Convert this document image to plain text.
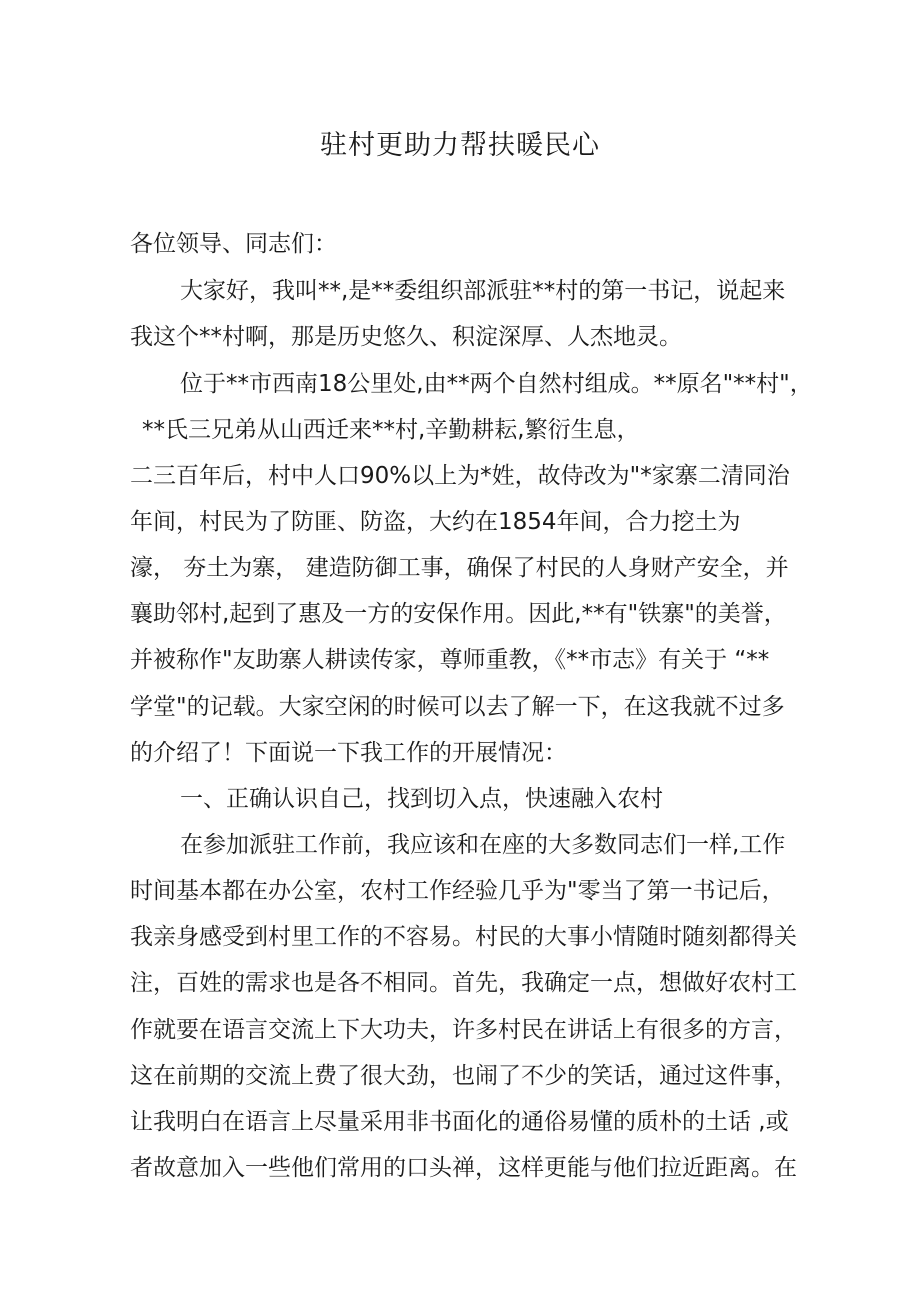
驻村更助力帮扶暖民心

各位领导、同志们：

大家好，我叫**,是**委组织部派驻**村的第一书记，说起来

我这个**村啊，那是历史悠久、积淀深厚、人杰地灵。

位于**市西南18公里处,由**两个自然村组成。**原名"**村"，

**氏三兄弟从山西迁来**村,辛勤耕耘,繁衍生息，

二三百年后，村中人口90%以上为*姓，故侍改为"*家寨二清同治

年间，村民为了防匪、防盗，大约在1854年间，合力挖土为

濠， 夯土为寨， 建造防御工事，确保了村民的人身财产安全，并

襄助邻村,起到了惠及一方的安保作用。因此,**有"铁寨"的美誉，

并被称作"友助寨人耕读传家，尊师重教，《**市志》有关于 “**

学堂"的记载。大家空闲的时候可以去了解一下，在这我就不过多

的介绍了！下面说一下我工作的开展情况：

一、正确认识自己，找到切入点，快速融入农村

在参加派驻工作前，我应该和在座的大多数同志们一样,工作

时间基本都在办公室，农村工作经验几乎为"零当了第一书记后，

我亲身感受到村里工作的不容易。村民的大事小情随时随刻都得关

注，百姓的需求也是各不相同。首先，我确定一点，想做好农村工

作就要在语言交流上下大功夫，许多村民在讲话上有很多的方言，

这在前期的交流上费了很大劲，也闹了不少的笑话，通过这件事，

让我明白在语言上尽量采用非书面化的通俗易懂的质朴的土话 ,或

者故意加入一些他们常用的口头禅，这样更能与他们拉近距离。在
